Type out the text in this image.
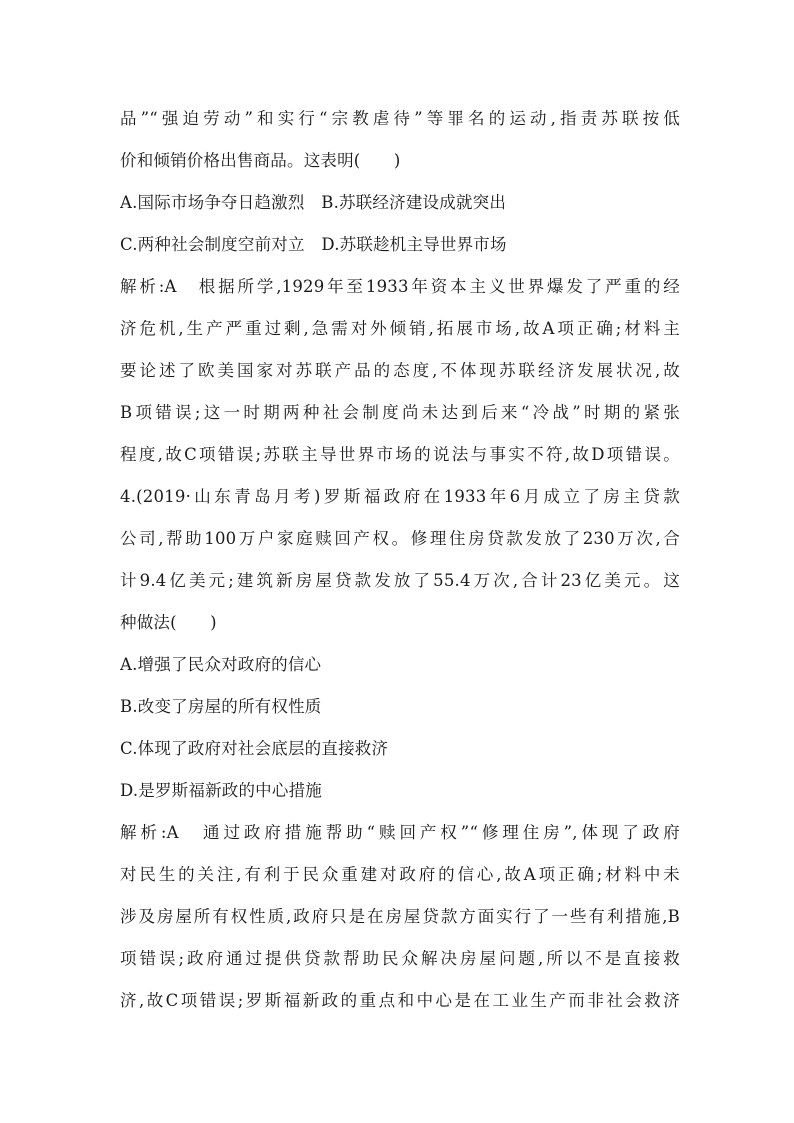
品”“强迫劳动”和实行“宗教虐待”等罪名的运动,指责苏联按低
价和倾销价格出售商品。这表明(　　)
A.国际市场争夺日趋激烈　B.苏联经济建设成就突出
C.两种社会制度空前对立　D.苏联趁机主导世界市场
解析:A　根据所学,1929年至1933年资本主义世界爆发了严重的经
济危机,生产严重过剩,急需对外倾销,拓展市场,故A项正确;材料主
要论述了欧美国家对苏联产品的态度,不体现苏联经济发展状况,故
B项错误;这一时期两种社会制度尚未达到后来“冷战”时期的紧张
程度,故C项错误;苏联主导世界市场的说法与事实不符,故D项错误。
4.(2019·山东青岛月考)罗斯福政府在1933年6月成立了房主贷款
公司,帮助100万户家庭赎回产权。修理住房贷款发放了230万次,合
计9.4亿美元;建筑新房屋贷款发放了55.4万次,合计23亿美元。这
种做法(　　)
A.增强了民众对政府的信心
B.改变了房屋的所有权性质
C.体现了政府对社会底层的直接救济
D.是罗斯福新政的中心措施
解析:A　通过政府措施帮助“赎回产权”“修理住房”,体现了政府
对民生的关注,有利于民众重建对政府的信心,故A项正确;材料中未
涉及房屋所有权性质,政府只是在房屋贷款方面实行了一些有利措施,B
项错误;政府通过提供贷款帮助民众解决房屋问题,所以不是直接救
济,故C项错误;罗斯福新政的重点和中心是在工业生产而非社会救济
